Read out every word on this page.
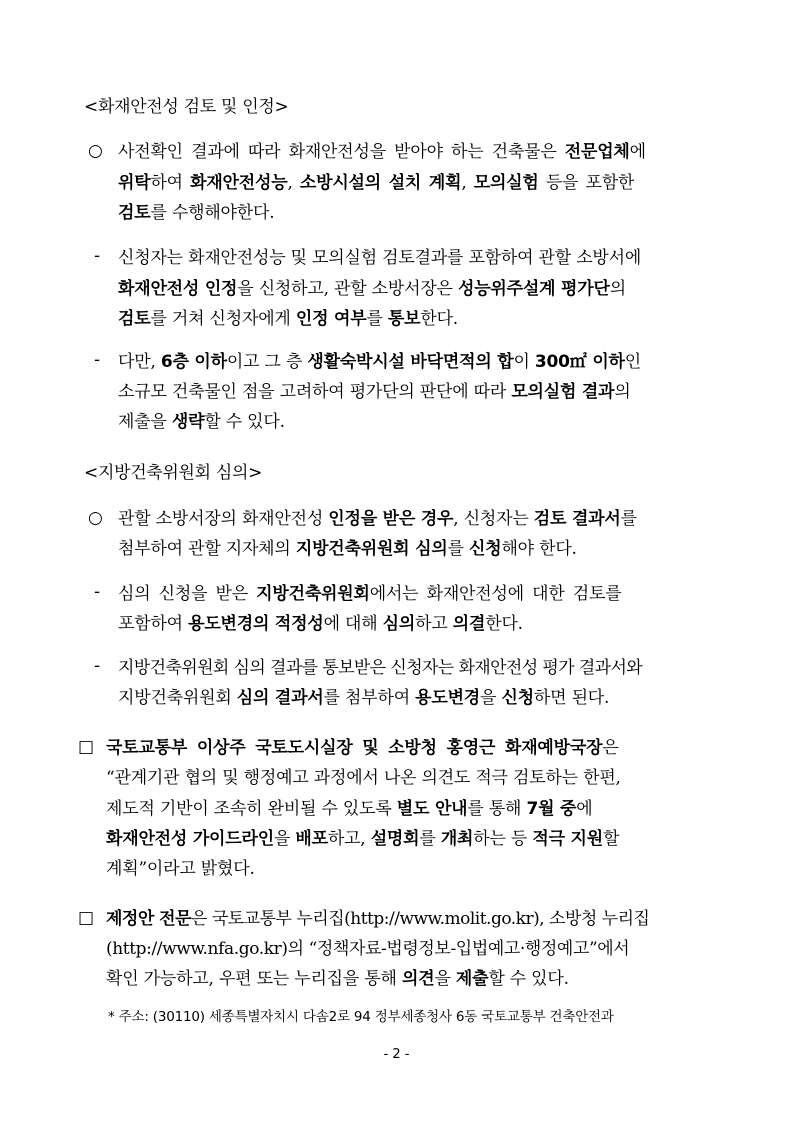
<화재안전성 검토 및 인정>
○ 사전확인 결과에 따라 화재안전성을 받아야 하는 건축물은 전문업체에
위탁하여 화재안전성능, 소방시설의 설치 계획, 모의실험 등을 포함한
검토를 수행해야한다.
- 신청자는 화재안전성능 및 모의실험 검토결과를 포함하여 관할 소방서에
화재안전성 인정을 신청하고, 관할 소방서장은 성능위주설계 평가단의
검토를 거쳐 신청자에게 인정 여부를 통보한다.
- 다만, 6층 이하이고 그 층 생활숙박시설 바닥면적의 합이 300㎡ 이하인
소규모 건축물인 점을 고려하여 평가단의 판단에 따라 모의실험 결과의
제출을 생략할 수 있다.
<지방건축위원회 심의>
○ 관할 소방서장의 화재안전성 인정을 받은 경우, 신청자는 검토 결과서를
첨부하여 관할 지자체의 지방건축위원회 심의를 신청해야 한다.
- 심의 신청을 받은 지방건축위원회에서는 화재안전성에 대한 검토를
포함하여 용도변경의 적정성에 대해 심의하고 의결한다.
- 지방건축위원회 심의 결과를 통보받은 신청자는 화재안전성 평가 결과서와
지방건축위원회 심의 결과서를 첨부하여 용도변경을 신청하면 된다.
□ 국토교통부 이상주 국토도시실장 및 소방청 홍영근 화재예방국장은
“관계기관 협의 및 행정예고 과정에서 나온 의견도 적극 검토하는 한편,
제도적 기반이 조속히 완비될 수 있도록 별도 안내를 통해 7월 중에
화재안전성 가이드라인을 배포하고, 설명회를 개최하는 등 적극 지원할
계획”이라고 밝혔다.
□ 제정안 전문은 국토교통부 누리집(http://www.molit.go.kr), 소방청 누리집
(http://www.nfa.go.kr)의 “정책자료-법령정보-입법예고·행정예고”에서
확인 가능하고, 우편 또는 누리집을 통해 의견을 제출할 수 있다.
* 주소: (30110) 세종특별자치시 다솜2로 94 정부세종청사 6동 국토교통부 건축안전과
- 2 -
